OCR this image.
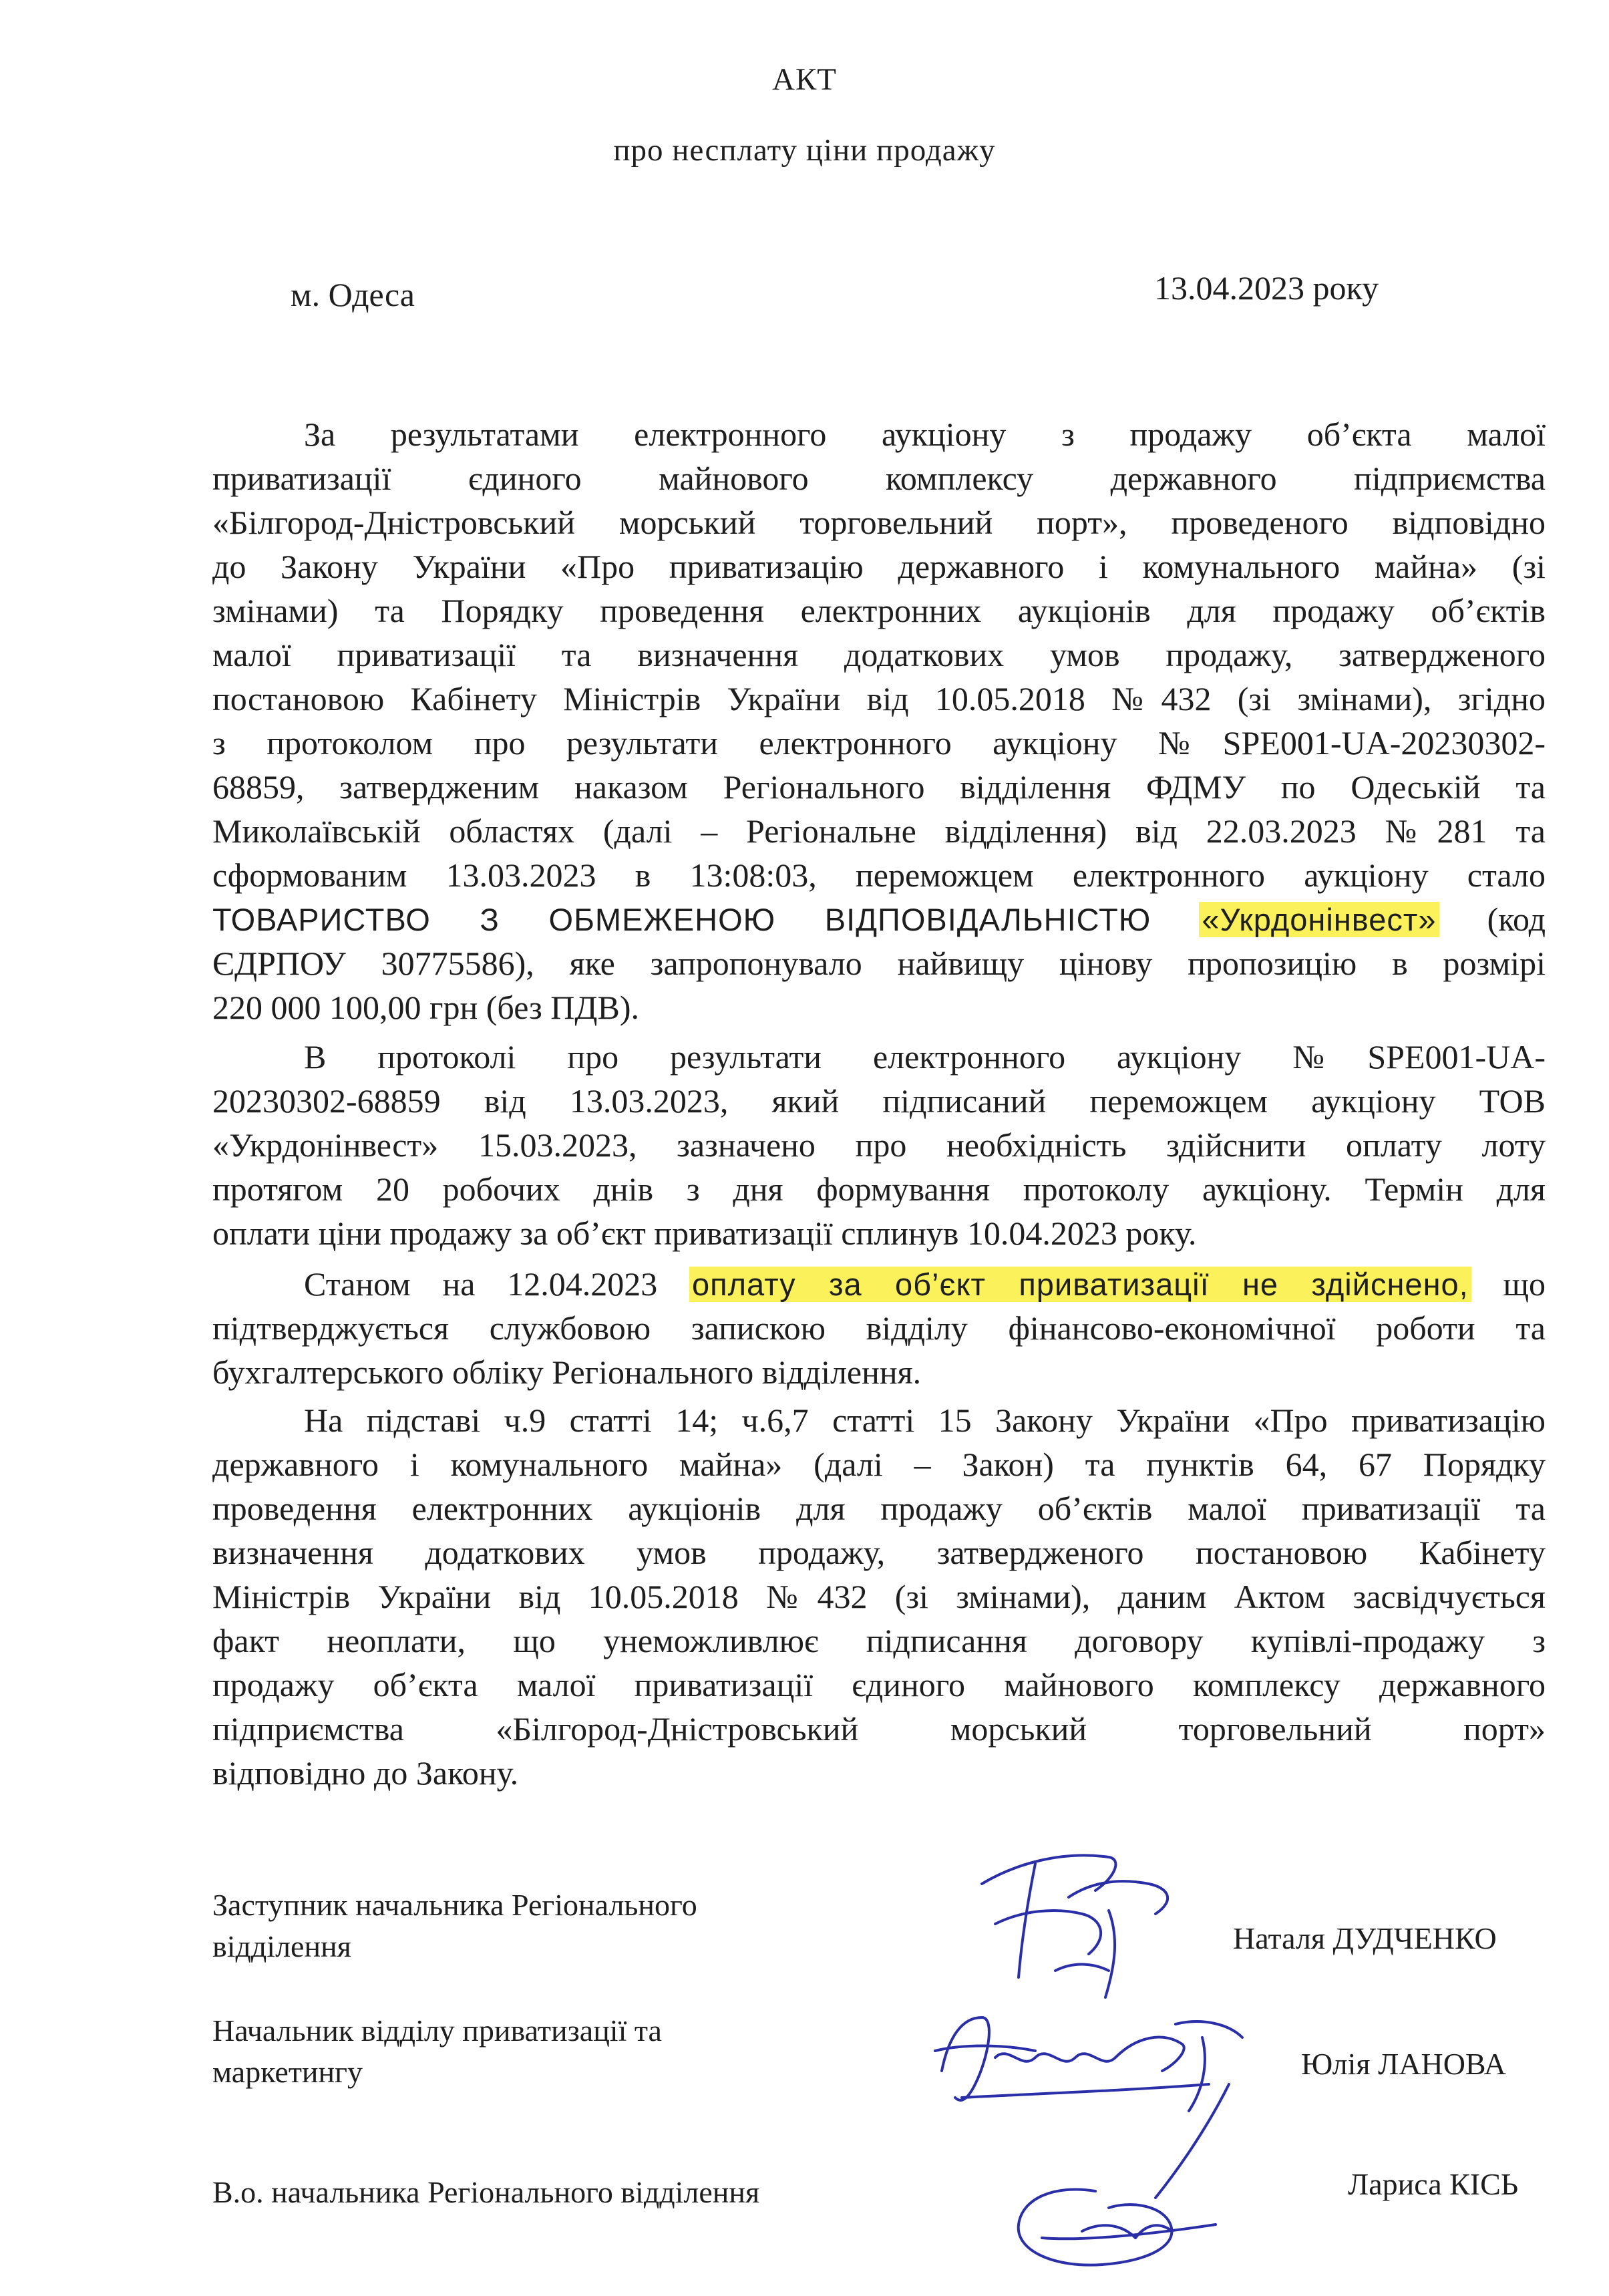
АКТ
про несплату ціни продажу
м. Одеса	13.04.2023 року
За результатами електронного аукціону з продажу об’єкта малої
приватизації єдиного майнового комплексу державного підприємства
«Білгород-Дністровський морський торговельний порт», проведеного відповідно
до Закону України «Про приватизацію державного і комунального майна» (зі
змінами) та Порядку проведення електронних аукціонів для продажу об’єктів
малої приватизації та визначення додаткових умов продажу, затвердженого
постановою Кабінету Міністрів України від 10.05.2018 №432 (зі змінами), згідно
з протоколом про результати електронного аукціону №SPE001-UA-20230302-
68859, затвердженим наказом Регіонального відділення ФДМУ по Одеській та
Миколаївській областях (далі – Регіональне відділення) від 22.03.2023 №281 та
сформованим 13.03.2023 в 13:08:03, переможцем електронного аукціону стало
ТОВАРИСТВО З ОБМЕЖЕНОЮ ВІДПОВІДАЛЬНІСТЮ «Укрдонінвест» (код
ЄДРПОУ 30775586), яке запропонувало найвищу цінову пропозицію в розмірі
220 000 100,00 грн (без ПДВ).
В протоколі про результати електронного аукціону №SPE001-UA-
20230302-68859 від 13.03.2023, який підписаний переможцем аукціону ТОВ
«Укрдонінвест» 15.03.2023, зазначено про необхідність здійснити оплату лоту
протягом 20 робочих днів з дня формування протоколу аукціону. Термін для
оплати ціни продажу за об’єкт приватизації сплинув 10.04.2023 року.
Станом на 12.04.2023 оплату за об’єкт приватизації не здійснено, що
підтверджується службовою запискою відділу фінансово-економічної роботи та
бухгалтерського обліку Регіонального відділення.
На підставі ч.9 статті 14; ч.6,7 статті 15 Закону України «Про приватизацію
державного і комунального майна» (далі – Закон) та пунктів 64, 67 Порядку
проведення електронних аукціонів для продажу об’єктів малої приватизації та
визначення додаткових умов продажу, затвердженого постановою Кабінету
Міністрів України від 10.05.2018 №432 (зі змінами), даним Актом засвідчується
факт неоплати, що унеможливлює підписання договору купівлі-продажу з
продажу об’єкта малої приватизації єдиного майнового комплексу державного
підприємства «Білгород-Дністровський морський торговельний порт»
відповідно до Закону.
Заступник начальника Регіонального
відділення	Наталя ДУДЧЕНКО
Начальник відділу приватизації та
маркетингу	Юлія ЛАНОВА
В.о. начальника Регіонального відділення	Лариса КІСЬ
